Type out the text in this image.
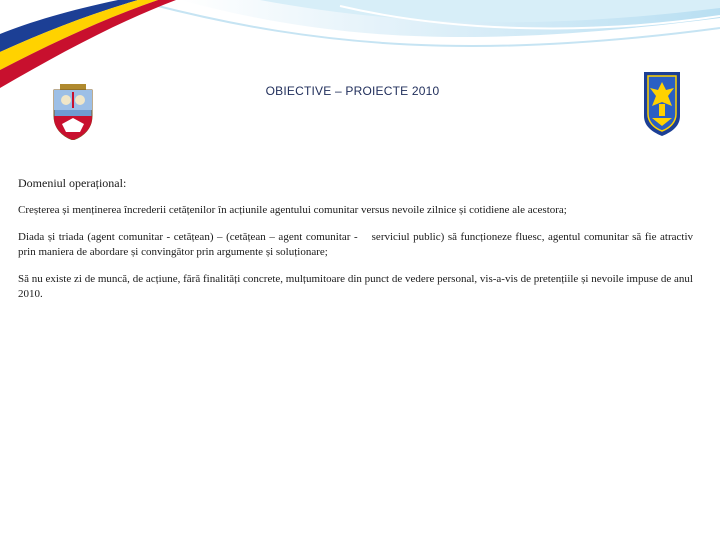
OBIECTIVE – PROIECTE 2010

Domeniul operațional:

Creșterea și menținerea încrederii cetățenilor în acțiunile agentului comunitar versus nevoile zilnice și cotidiene ale acestora;

Diada și triada (agent comunitar - cetățean) – (cetățean – agent comunitar - serviciul public) să funcționeze fluesc, agentul comunitar să fie atractiv prin maniera de abordare și convingător prin argumente și soluționare;

Să nu existe zi de muncă, de acțiune, fără finalități concrete, mulțumitoare din punct de vedere personal, vis-a-vis de pretențiile și nevoile impuse de anul 2010.
